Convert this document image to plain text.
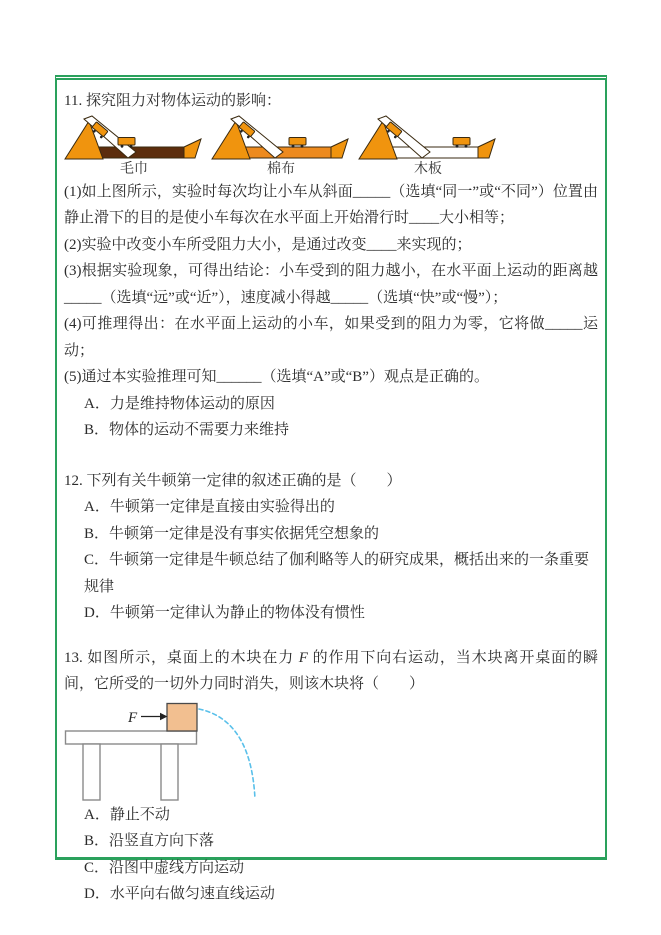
11. 探究阻力对物体运动的影响：

毛巾	棉布	木板

(1)如上图所示，实验时每次均让小车从斜面_____（选填“同一”或“不同”）位置由静止滑下的目的是使小车每次在水平面上开始滑行时____大小相等；

(2)实验中改变小车所受阻力大小，是通过改变____来实现的；

(3)根据实验现象，可得出结论：小车受到的阻力越小，在水平面上运动的距离越_____（选填“远”或“近”），速度减小得越_____（选填“快”或“慢”）；

(4)可推理得出：在水平面上运动的小车，如果受到的阻力为零，它将做_____运动；

(5)通过本实验推理可知______（选填“A”或“B”）观点是正确的。

A．力是维持物体运动的原因

B．物体的运动不需要力来维持

12. 下列有关牛顿第一定律的叙述正确的是（　　）

A．牛顿第一定律是直接由实验得出的

B．牛顿第一定律是没有事实依据凭空想象的

C．牛顿第一定律是牛顿总结了伽利略等人的研究成果，概括出来的一条重要规律

D．牛顿第一定律认为静止的物体没有惯性

13. 如图所示，桌面上的木块在力 F 的作用下向右运动，当木块离开桌面的瞬间，它所受的一切外力同时消失，则该木块将（　　）

F

A．静止不动

B．沿竖直方向下落

C．沿图中虚线方向运动

D．水平向右做匀速直线运动
